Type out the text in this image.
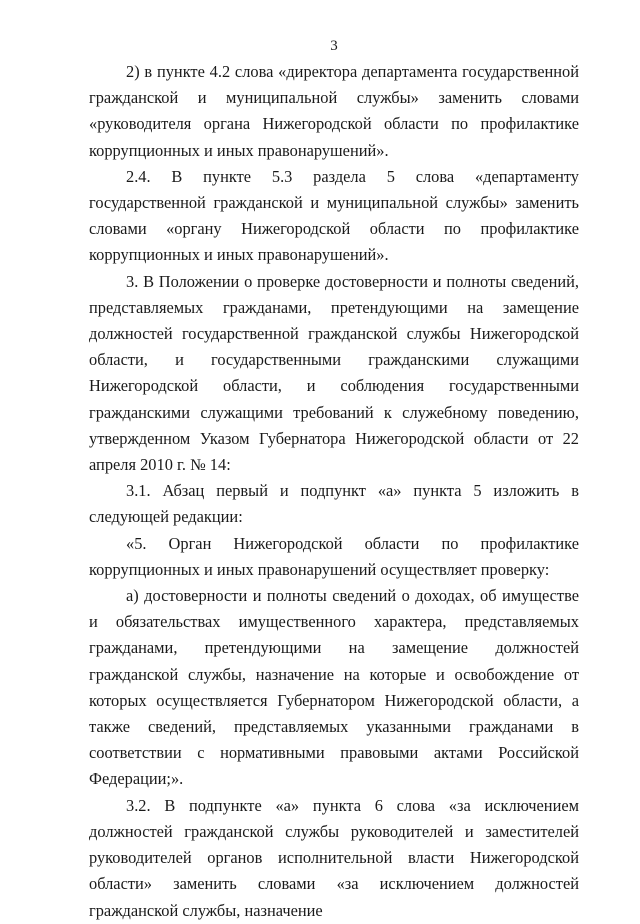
3

2) в пункте 4.2 слова «директора департамента государственной гражданской и муниципальной службы» заменить словами «руководителя органа Нижегородской области по профилактике коррупционных и иных правонарушений».

2.4. В пункте 5.3 раздела 5 слова «департаменту государственной гражданской и муниципальной службы» заменить словами «органу Нижегородской области по профилактике коррупционных и иных правонарушений».

3. В Положении о проверке достоверности и полноты сведений, представляемых гражданами, претендующими на замещение должностей государственной гражданской службы Нижегородской области, и государственными гражданскими служащими Нижегородской области, и соблюдения государственными гражданскими служащими требований к служебному поведению, утвержденном Указом Губернатора Нижегородской области от 22 апреля 2010 г. № 14:

3.1. Абзац первый и подпункт «а» пункта 5 изложить в следующей редакции:

«5. Орган Нижегородской области по профилактике коррупционных и иных правонарушений осуществляет проверку:

а) достоверности и полноты сведений о доходах, об имуществе и обязательствах имущественного характера, представляемых гражданами, претендующими на замещение должностей гражданской службы, назначение на которые и освобождение от которых осуществляется Губернатором Нижегородской области, а также сведений, представляемых указанными гражданами в соответствии с нормативными правовыми актами Российской Федерации;».

3.2. В подпункте «а» пункта 6 слова «за исключением должностей гражданской службы руководителей и заместителей руководителей органов исполнительной власти Нижегородской области» заменить словами «за исключением должностей гражданской службы, назначение
